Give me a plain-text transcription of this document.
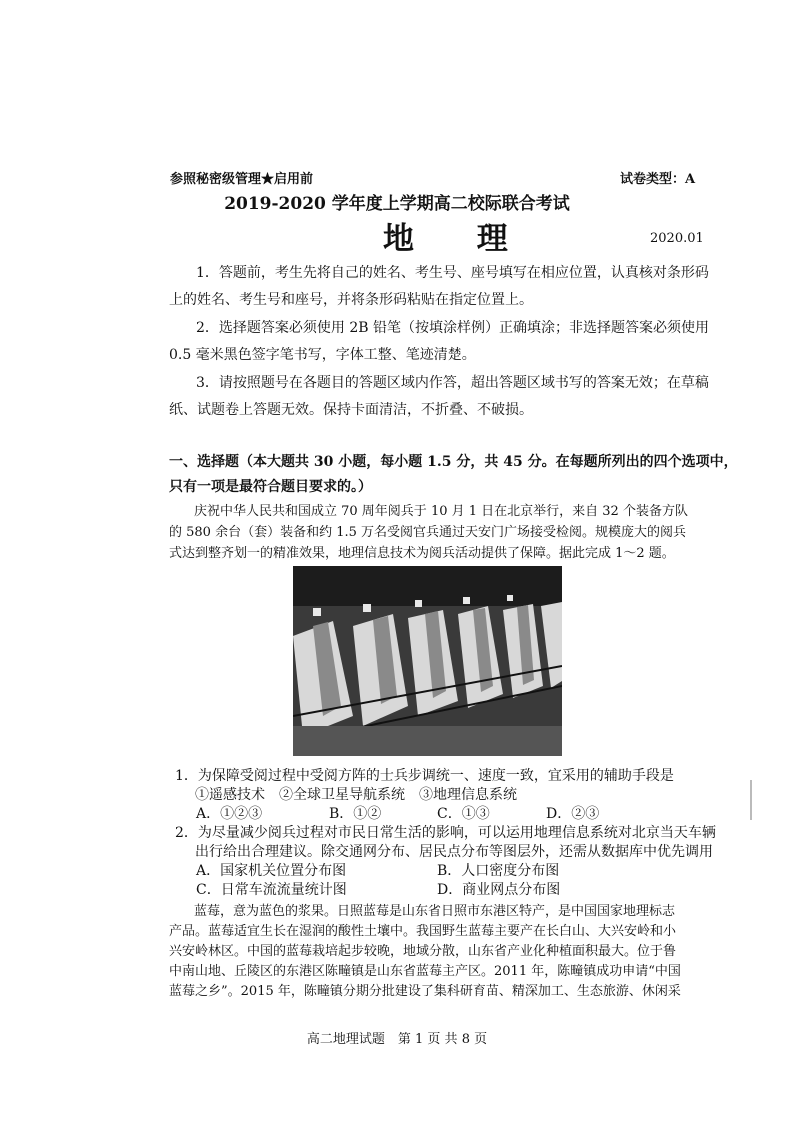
参照秘密级管理★启用前	试卷类型：A
2019-2020 学年度上学期高二校际联合考试
地 理	2020.01
1．答题前，考生先将自己的姓名、考生号、座号填写在相应位置，认真核对条形码
上的姓名、考生号和座号，并将条形码粘贴在指定位置上。
2．选择题答案必须使用 2B 铅笔（按填涂样例）正确填涂；非选择题答案必须使用
0.5 毫米黑色签字笔书写，字体工整、笔迹清楚。
3．请按照题号在各题目的答题区域内作答，超出答题区域书写的答案无效；在草稿
纸、试题卷上答题无效。保持卡面清洁，不折叠、不破损。
一、选择题（本大题共 30 小题，每小题 1.5 分，共 45 分。在每题所列出的四个选项中，
只有一项是最符合题目要求的。）
庆祝中华人民共和国成立 70 周年阅兵于 10 月 1 日在北京举行，来自 32 个装备方队
的 580 余台（套）装备和约 1.5 万名受阅官兵通过天安门广场接受检阅。规模庞大的阅兵
式达到整齐划一的精准效果，地理信息技术为阅兵活动提供了保障。据此完成 1～2 题。
1．为保障受阅过程中受阅方阵的士兵步调统一、速度一致，宜采用的辅助手段是
①遥感技术　②全球卫星导航系统　③地理信息系统
A．①②③	B．①②	C．①③	D．②③
2．为尽量减少阅兵过程对市民日常生活的影响，可以运用地理信息系统对北京当天车辆
出行给出合理建议。除交通网分布、居民点分布等图层外，还需从数据库中优先调用
A．国家机关位置分布图	B．人口密度分布图
C．日常车流流量统计图	D．商业网点分布图
蓝莓，意为蓝色的浆果。日照蓝莓是山东省日照市东港区特产，是中国国家地理标志
产品。蓝莓适宜生长在湿润的酸性土壤中。我国野生蓝莓主要产在长白山、大兴安岭和小
兴安岭林区。中国的蓝莓栽培起步较晚，地域分散，山东省产业化种植面积最大。位于鲁
中南山地、丘陵区的东港区陈疃镇是山东省蓝莓主产区。2011 年，陈疃镇成功申请“中国
蓝莓之乡”。2015 年，陈疃镇分期分批建设了集科研育苗、精深加工、生态旅游、休闲采
高二地理试题　第 1 页 共 8 页
